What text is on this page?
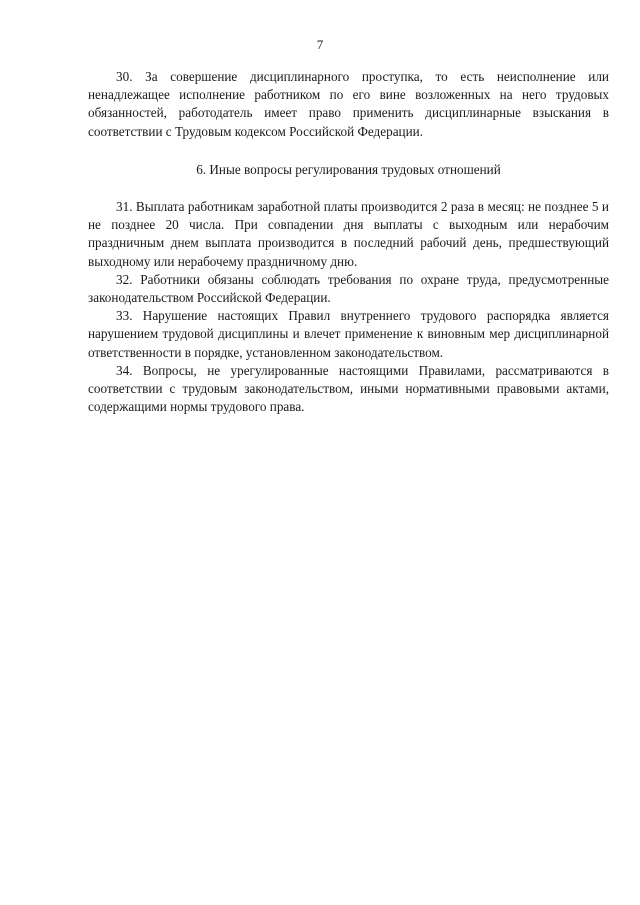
7

30. За совершение дисциплинарного проступка, то есть неисполнение или ненадлежащее исполнение работником по его вине возложенных на него трудовых обязанностей, работодатель имеет право применить дисциплинарные взыскания в соответствии с Трудовым кодексом Российской Федерации.

6. Иные вопросы регулирования трудовых отношений

31. Выплата работникам заработной платы производится 2 раза в месяц: не позднее 5 и не позднее 20 числа. При совпадении дня выплаты с выходным или нерабочим праздничным днем выплата производится в последний рабочий день, предшествующий выходному или нерабочему праздничному дню.

32. Работники обязаны соблюдать требования по охране труда, предусмотренные законодательством Российской Федерации.

33. Нарушение настоящих Правил внутреннего трудового распорядка является нарушением трудовой дисциплины и влечет применение к виновным мер дисциплинарной ответственности в порядке, установленном законодательством.

34. Вопросы, не урегулированные настоящими Правилами, рассматриваются в соответствии с трудовым законодательством, иными нормативными правовыми актами, содержащими нормы трудового права.
